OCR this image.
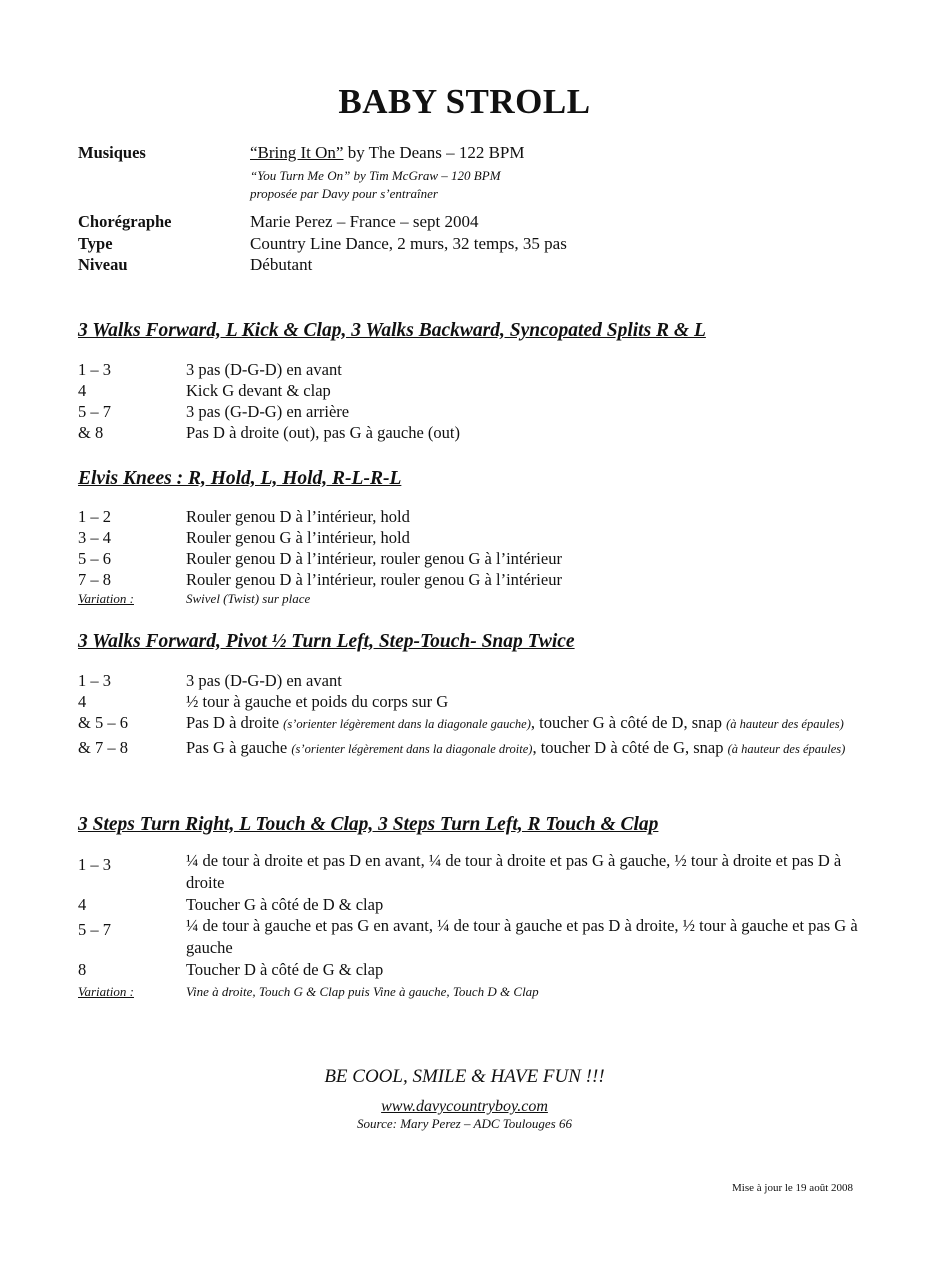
BABY STROLL
Musiques	“Bring It On” by The Deans – 122 BPM
“You Turn Me On” by Tim McGraw – 120 BPM
proposée par Davy pour s’entraîner
Chorégraphe	Marie Perez – France – sept 2004
Type	Country Line Dance, 2 murs, 32 temps, 35 pas
Niveau	Débutant
3 Walks Forward, L Kick & Clap, 3 Walks Backward, Syncopated Splits R & L
1 – 3	3 pas (D-G-D) en avant
4	Kick G devant & clap
5 – 7	3 pas (G-D-G) en arrière
& 8	Pas D à droite (out), pas G à gauche (out)
Elvis Knees : R, Hold, L, Hold, R-L-R-L
1 – 2	Rouler genou D à l’intérieur, hold
3 – 4	Rouler genou G à l’intérieur, hold
5 – 6	Rouler genou D à l’intérieur, rouler genou G à l’intérieur
7 – 8	Rouler genou D à l’intérieur, rouler genou G à l’intérieur
Variation :	Swivel (Twist) sur place
3 Walks Forward, Pivot ½ Turn Left, Step-Touch- Snap Twice
1 – 3	3 pas (D-G-D) en avant
4	½ tour à gauche et poids du corps sur G
& 5 – 6	Pas D à droite (s’orienter légèrement dans la diagonale gauche), toucher G à côté de D, snap (à hauteur des épaules)
& 7 – 8	Pas G à gauche (s’orienter légèrement dans la diagonale droite), toucher D à côté de G, snap (à hauteur des épaules)
3 Steps Turn Right, L Touch & Clap, 3 Steps Turn Left, R Touch & Clap
1 – 3	¼ de tour à droite et pas D en avant, ¼ de tour à droite et pas G à gauche, ½ tour à droite et pas D à droite
4	Toucher G à côté de D & clap
5 – 7	¼ de tour à gauche et pas G en avant, ¼ de tour à gauche et pas D à droite, ½ tour à gauche et pas G à gauche
8	Toucher D à côté de G & clap
Variation :	Vine à droite, Touch G & Clap puis Vine à gauche, Touch D & Clap
BE COOL, SMILE & HAVE FUN !!!
www.davycountryboy.com
Source: Mary Perez – ADC Toulouges 66
Mise à jour le 19 août 2008
